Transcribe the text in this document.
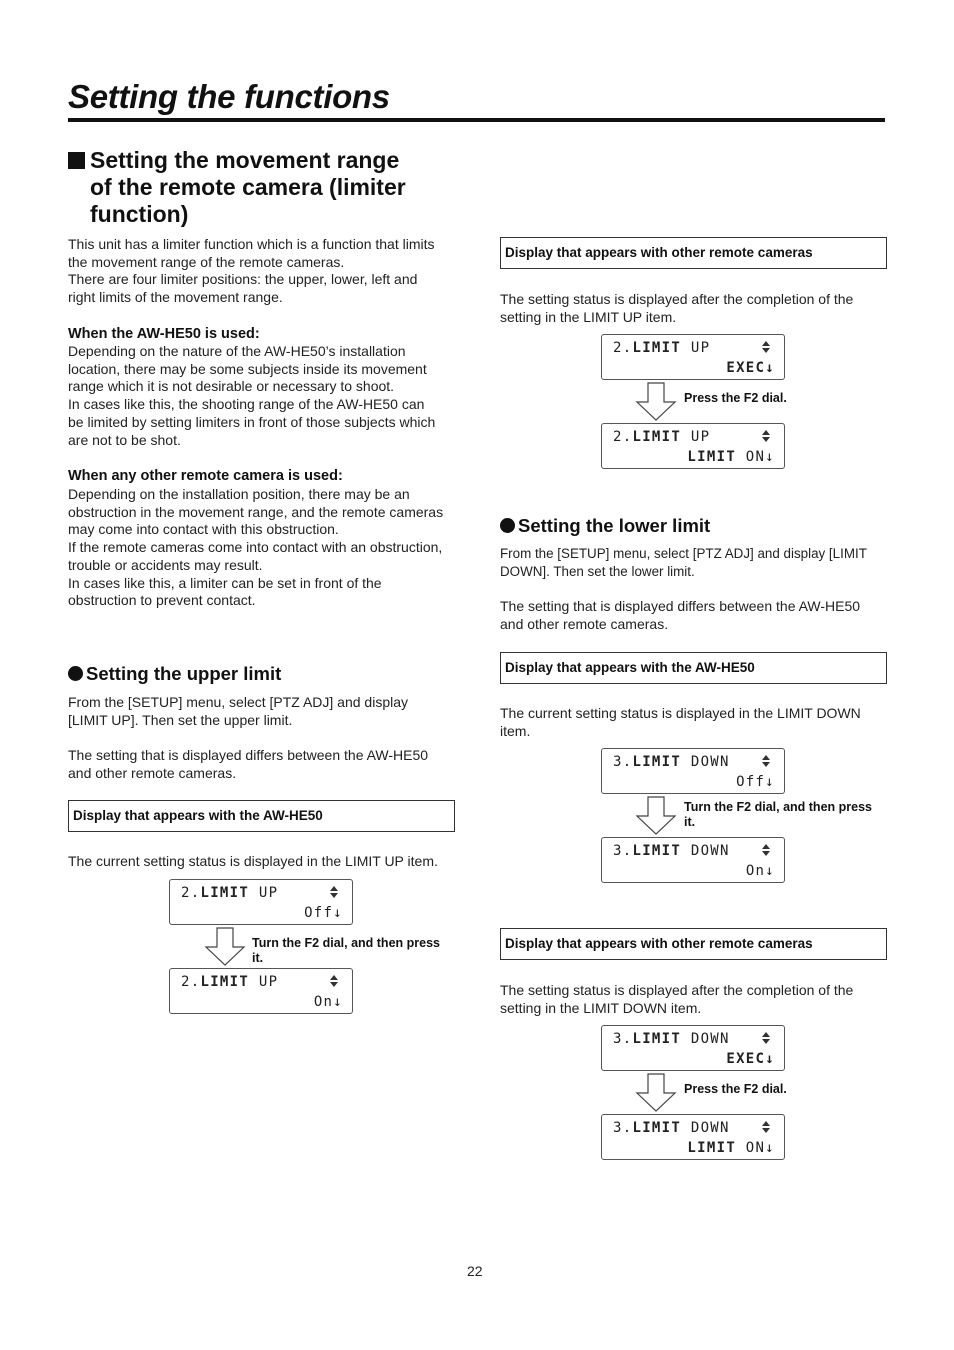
Setting the functions
Setting the movement range
of the remote camera (limiter
function)

This unit has a limiter function which is a function that limits
the movement range of the remote cameras.
There are four limiter positions: the upper, lower, left and
right limits of the movement range.

When the AW-HE50 is used:

Depending on the nature of the AW-HE50’s installation
location, there may be some subjects inside its movement
range which it is not desirable or necessary to shoot.
In cases like this, the shooting range of the AW-HE50 can
be limited by setting limiters in front of those subjects which
are not to be shot.

When any other remote camera is used:

Depending on the installation position, there may be an
obstruction in the movement range, and the remote cameras
may come into contact with this obstruction.
If the remote cameras come into contact with an obstruction,
trouble or accidents may result.
In cases like this, a limiter can be set in front of the
obstruction to prevent contact.

Setting the upper limit

From the [SETUP] menu, select [PTZ ADJ] and display
[LIMIT UP]. Then set the upper limit.

The setting that is displayed differs between the AW-HE50
and other remote cameras.

Display that appears with the AW-HE50

The current setting status is displayed in the LIMIT UP item.

2.LIMIT UP
Off↓
Turn the F2 dial, and then press
it.
2.LIMIT UP
On↓
Display that appears with other remote cameras

The setting status is displayed after the completion of the
setting in the LIMIT UP item.

2.LIMIT UP
EXEC↓
Press the F2 dial.
2.LIMIT UP
LIMIT ON↓
Setting the lower limit

From the [SETUP] menu, select [PTZ ADJ] and display [LIMIT
DOWN]. Then set the lower limit.

The setting that is displayed differs between the AW-HE50
and other remote cameras.

Display that appears with the AW-HE50

The current setting status is displayed in the LIMIT DOWN
item.

3.LIMIT DOWN
Off↓
Turn the F2 dial, and then press
it.
3.LIMIT DOWN
On↓
Display that appears with other remote cameras

The setting status is displayed after the completion of the
setting in the LIMIT DOWN item.

3.LIMIT DOWN
EXEC↓
Press the F2 dial.
3.LIMIT DOWN
LIMIT ON↓
22
